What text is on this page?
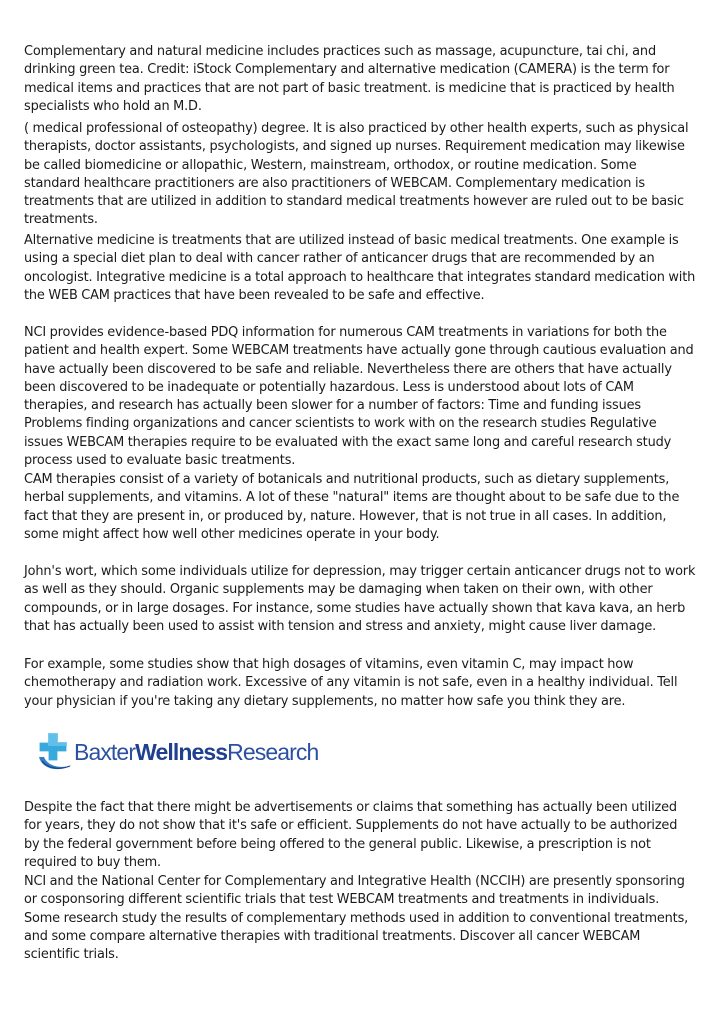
Complementary and natural medicine includes practices such as massage, acupuncture, tai chi, and drinking green tea. Credit: iStock Complementary and alternative medication (CAMERA) is the term for medical items and practices that are not part of basic treatment. is medicine that is practiced by health specialists who hold an M.D.

( medical professional of osteopathy) degree. It is also practiced by other health experts, such as physical therapists, doctor assistants, psychologists, and signed up nurses. Requirement medication may likewise be called biomedicine or allopathic, Western, mainstream, orthodox, or routine medication. Some standard healthcare practitioners are also practitioners of WEBCAM. Complementary medication is treatments that are utilized in addition to standard medical treatments however are ruled out to be basic treatments.

Alternative medicine is treatments that are utilized instead of basic medical treatments. One example is using a special diet plan to deal with cancer rather of anticancer drugs that are recommended by an oncologist. Integrative medicine is a total approach to healthcare that integrates standard medication with the WEB CAM practices that have been revealed to be safe and effective.

NCI provides evidence-based PDQ information for numerous CAM treatments in variations for both the patient and health expert. Some WEBCAM treatments have actually gone through cautious evaluation and have actually been discovered to be safe and reliable. Nevertheless there are others that have actually been discovered to be inadequate or potentially hazardous. Less is understood about lots of CAM therapies, and research has actually been slower for a number of factors: Time and funding issues Problems finding organizations and cancer scientists to work with on the research studies Regulative issues WEBCAM therapies require to be evaluated with the exact same long and careful research study process used to evaluate basic treatments.

CAM therapies consist of a variety of botanicals and nutritional products, such as dietary supplements, herbal supplements, and vitamins. A lot of these "natural" items are thought about to be safe due to the fact that they are present in, or produced by, nature. However, that is not true in all cases. In addition, some might affect how well other medicines operate in your body.

John's wort, which some individuals utilize for depression, may trigger certain anticancer drugs not to work as well as they should. Organic supplements may be damaging when taken on their own, with other compounds, or in large dosages. For instance, some studies have actually shown that kava kava, an herb that has actually been used to assist with tension and stress and anxiety, might cause liver damage.

For example, some studies show that high dosages of vitamins, even vitamin C, may impact how chemotherapy and radiation work. Excessive of any vitamin is not safe, even in a healthy individual. Tell your physician if you're taking any dietary supplements, no matter how safe you think they are.

BaxterWellnessResearch

Despite the fact that there might be advertisements or claims that something has actually been utilized for years, they do not show that it's safe or efficient. Supplements do not have actually to be authorized by the federal government before being offered to the general public. Likewise, a prescription is not required to buy them.

NCI and the National Center for Complementary and Integrative Health (NCCIH) are presently sponsoring or cosponsoring different scientific trials that test WEBCAM treatments and treatments in individuals. Some research study the results of complementary methods used in addition to conventional treatments, and some compare alternative therapies with traditional treatments. Discover all cancer WEBCAM scientific trials.
